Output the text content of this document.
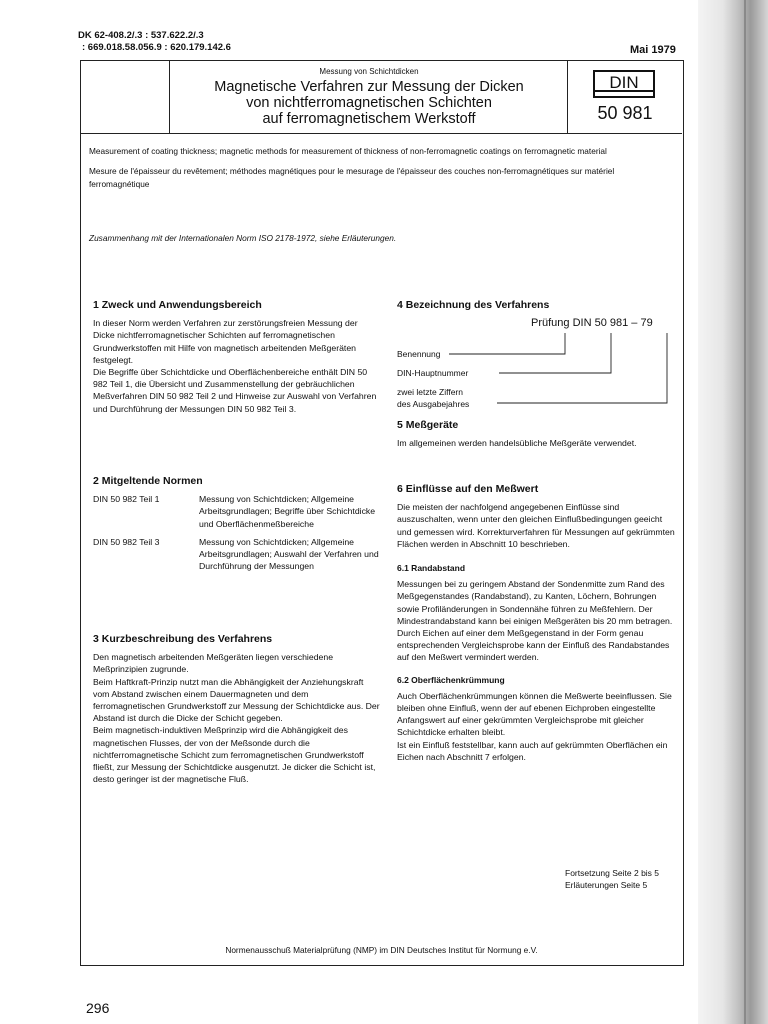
DK 62-408.2/.3 : 537.622.2/.3
: 669.018.58.056.9 : 620.179.142.6	Mai 1979
Messung von Schichtdicken
Magnetische Verfahren zur Messung der Dicken
von nichtferromagnetischen Schichten
auf ferromagnetischem Werkstoff
DIN
50 981

Measurement of coating thickness; magnetic methods for measurement of thickness of non-ferromagnetic coatings on ferromagnetic material

Mesure de l'épaisseur du revêtement; méthodes magnétiques pour le mesurage de l'épaisseur des couches non-ferromagnétiques sur matériel ferromagnétique

Zusammenhang mit der Internationalen Norm ISO 2178-1972, siehe Erläuterungen.
1 Zweck und Anwendungsbereich

In dieser Norm werden Verfahren zur zerstörungsfreien Messung der Dicke nichtferromagnetischer Schichten auf ferromagnetischen Grundwerkstoffen mit Hilfe von magnetisch arbeitenden Meßgeräten festgelegt.

Die Begriffe über Schichtdicke und Oberflächenbereiche enthält DIN 50 982 Teil 1, die Übersicht und Zusammenstellung der gebräuchlichen Meßverfahren DIN 50 982 Teil 2 und Hinweise zur Auswahl von Verfahren und Durchführung der Messungen DIN 50 982 Teil 3.

2 Mitgeltende Normen
DIN 50 982 Teil 1	Messung von Schichtdicken; Allgemeine Arbeitsgrundlagen; Begriffe über Schichtdicke und Oberflächenmeßbereiche
DIN 50 982 Teil 3	Messung von Schichtdicken; Allgemeine Arbeitsgrundlagen; Auswahl der Verfahren und Durchführung der Messungen
3 Kurzbeschreibung des Verfahrens

Den magnetisch arbeitenden Meßgeräten liegen verschiedene Meßprinzipien zugrunde.

Beim Haftkraft-Prinzip nutzt man die Abhängigkeit der Anziehungskraft vom Abstand zwischen einem Dauermagneten und dem ferromagnetischen Grundwerkstoff zur Messung der Schichtdicke aus. Der Abstand ist durch die Dicke der Schicht gegeben.

Beim magnetisch-induktiven Meßprinzip wird die Abhängigkeit des magnetischen Flusses, der von der Meßsonde durch die nichtferromagnetische Schicht zum ferromagnetischen Grundwerkstoff fließt, zur Messung der Schichtdicke ausgenutzt. Je dicker die Schicht ist, desto geringer ist der magnetische Fluß.

4 Bezeichnung des Verfahrens
Prüfung DIN 50 981 – 79
Benennung
DIN-Hauptnummer
zwei letzte Ziffern
des Ausgabejahres
5 Meßgeräte

Im allgemeinen werden handelsübliche Meßgeräte verwendet.

6 Einflüsse auf den Meßwert

Die meisten der nachfolgend angegebenen Einflüsse sind auszuschalten, wenn unter den gleichen Einflußbedingungen geeicht und gemessen wird. Korrekturverfahren für Messungen auf gekrümmten Flächen werden in Abschnitt 10 beschrieben.

6.1 Randabstand

Messungen bei zu geringem Abstand der Sondenmitte zum Rand des Meßgegenstandes (Randabstand), zu Kanten, Löchern, Bohrungen sowie Profiländerungen in Sondennähe führen zu Meßfehlern. Der Mindestrandabstand kann bei einigen Meßgeräten bis 20 mm betragen. Durch Eichen auf einer dem Meßgegenstand in der Form genau entsprechenden Vergleichsprobe kann der Einfluß des Randabstandes auf den Meßwert vermindert werden.

6.2 Oberflächenkrümmung

Auch Oberflächenkrümmungen können die Meßwerte beeinflussen. Sie bleiben ohne Einfluß, wenn der auf ebenen Eichproben eingestellte Anfangswert auf einer gekrümmten Vergleichsprobe mit gleicher Schichtdicke erhalten bleibt.

Ist ein Einfluß feststellbar, kann auch auf gekrümmten Oberflächen ein Eichen nach Abschnitt 7 erfolgen.

Fortsetzung Seite 2 bis 5
Erläuterungen Seite 5
Normenausschuß Materialprüfung (NMP) im DIN Deutsches Institut für Normung e.V.
296
